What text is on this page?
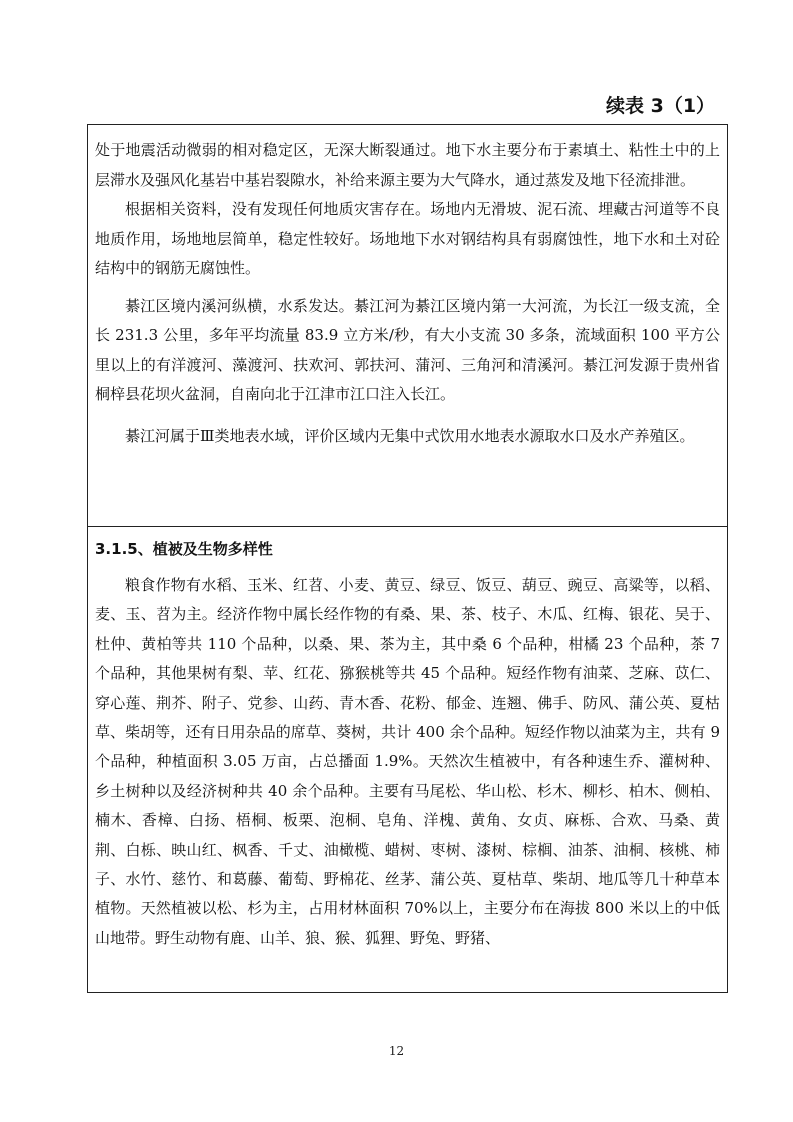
续表 3（1）

处于地震活动微弱的相对稳定区，无深大断裂通过。地下水主要分布于素填土、粘性土中的上层滞水及强风化基岩中基岩裂隙水，补给来源主要为大气降水，通过蒸发及地下径流排泄。

根据相关资料，没有发现任何地质灾害存在。场地内无滑坡、泥石流、埋藏古河道等不良地质作用，场地地层简单，稳定性较好。场地地下水对钢结构具有弱腐蚀性，地下水和土对砼结构中的钢筋无腐蚀性。

綦江区境内溪河纵横，水系发达。綦江河为綦江区境内第一大河流，为长江一级支流，全长 231.3 公里，多年平均流量 83.9 立方米/秒，有大小支流 30 多条，流域面积 100 平方公里以上的有洋渡河、藻渡河、扶欢河、郭扶河、蒲河、三角河和清溪河。綦江河发源于贵州省桐梓县花坝火盆洞，自南向北于江津市江口注入长江。

綦江河属于Ⅲ类地表水域，评价区域内无集中式饮用水地表水源取水口及水产养殖区。

3.1.5、植被及生物多样性

粮食作物有水稻、玉米、红苕、小麦、黄豆、绿豆、饭豆、葫豆、豌豆、高粱等，以稻、麦、玉、苕为主。经济作物中属长经作物的有桑、果、茶、枝子、木瓜、红梅、银花、吴于、杜仲、黄柏等共 110 个品种，以桑、果、茶为主，其中桑 6 个品种，柑橘 23 个品种，茶 7 个品种，其他果树有梨、苹、红花、猕猴桃等共 45 个品种。短经作物有油菜、芝麻、苡仁、穿心莲、荆芥、附子、党参、山药、青木香、花粉、郁金、连翘、佛手、防风、蒲公英、夏枯草、柴胡等，还有日用杂品的席草、葵树，共计 400 余个品种。短经作物以油菜为主，共有 9 个品种，种植面积 3.05 万亩，占总播面 1.9%。天然次生植被中，有各种速生乔、灌树种、乡土树种以及经济树种共 40 余个品种。主要有马尾松、华山松、杉木、柳杉、柏木、侧柏、楠木、香樟、白扬、梧桐、板栗、泡桐、皂角、洋槐、黄角、女贞、麻栎、合欢、马桑、黄荆、白栎、映山红、枫香、千丈、油橄榄、蜡树、枣树、漆树、棕榈、油茶、油桐、核桃、柿子、水竹、慈竹、和葛藤、葡萄、野棉花、丝茅、蒲公英、夏枯草、柴胡、地瓜等几十种草本植物。天然植被以松、杉为主，占用材林面积 70%以上，主要分布在海拔 800 米以上的中低山地带。野生动物有鹿、山羊、狼、猴、狐狸、野兔、野猪、

12
